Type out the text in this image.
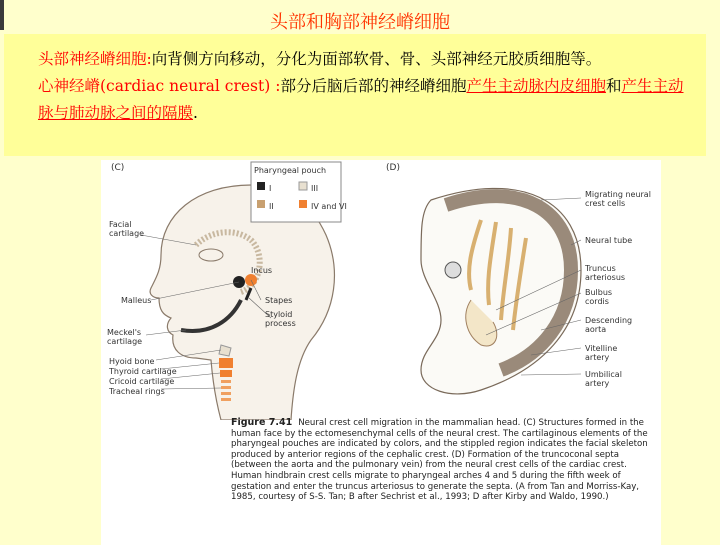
头部和胸部神经嵴细胞
头部神经嵴细胞:向背侧方向移动，分化为面部软骨、骨、头部神经元胶质细胞等。
心神经嵴(cardiac neural crest) :部分后脑后部的神经嵴细胞产生主动脉内皮细胞和产生主动脉与肺动脉之间的隔膜.
(C)	(D)
Pharyngeal pouch
I	III
II	IV and VI
Facial cartilage
Malleus
Incus
Stapes
Styloid process
Meckel's cartilage
Hyoid bone
Thyroid cartilage
Cricoid cartilage
Tracheal rings
Migrating neural crest cells
Neural tube
Truncus arteriosus
Bulbus cordis
Descending aorta
Vitelline artery
Umbilical artery
Figure 7.41 Neural crest cell migration in the mammalian head. (C) Structures formed in the human face by the ectomesenchymal cells of the neural crest. The cartilaginous elements of the pharyngeal pouches are indicated by colors, and the stippled region indicates the facial skeleton produced by anterior regions of the cephalic crest. (D) Formation of the truncoconal septa (between the aorta and the pulmonary vein) from the neural crest cells of the cardiac crest. Human hindbrain crest cells migrate to pharyngeal arches 4 and 5 during the fifth week of gestation and enter the truncus arteriosus to generate the septa. (A from Tan and Morriss-Kay, 1985, courtesy of S-S. Tan; B after Sechrist et al., 1993; D after Kirby and Waldo, 1990.)
